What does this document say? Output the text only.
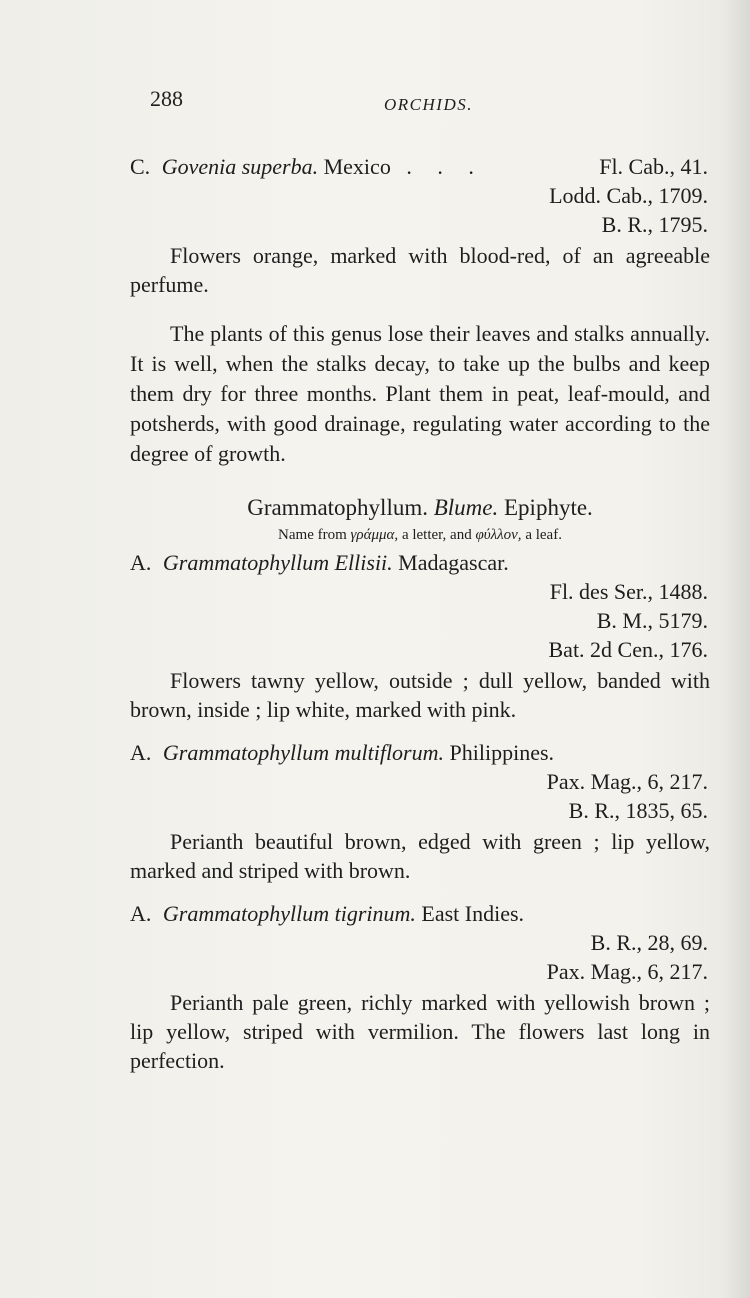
288	ORCHIDS.
C. Govenia superba. Mexico . . .	Fl. Cab., 41.
Lodd. Cab., 1709.
B. R., 1795.
Flowers orange, marked with blood-red, of an agreeable perfume.
The plants of this genus lose their leaves and stalks annually. It is well, when the stalks decay, to take up the bulbs and keep them dry for three months. Plant them in peat, leaf-mould, and potsherds, with good drainage, regulating water according to the degree of growth.
Grammatophyllum. Blume. Epiphyte.
Name from γράμμα, a letter, and φύλλον, a leaf.
A. Grammatophyllum Ellisii. Madagascar.
Fl. des Ser., 1488.
B. M., 5179.
Bat. 2d Cen., 176.
Flowers tawny yellow, outside ; dull yellow, banded with brown, inside ; lip white, marked with pink.
A. Grammatophyllum multiflorum. Philippines.
Pax. Mag., 6, 217.
B. R., 1835, 65.
Perianth beautiful brown, edged with green ; lip yellow, marked and striped with brown.
A. Grammatophyllum tigrinum. East Indies.
B. R., 28, 69.
Pax. Mag., 6, 217.
Perianth pale green, richly marked with yellowish brown ; lip yellow, striped with vermilion. The flowers last long in perfection.
